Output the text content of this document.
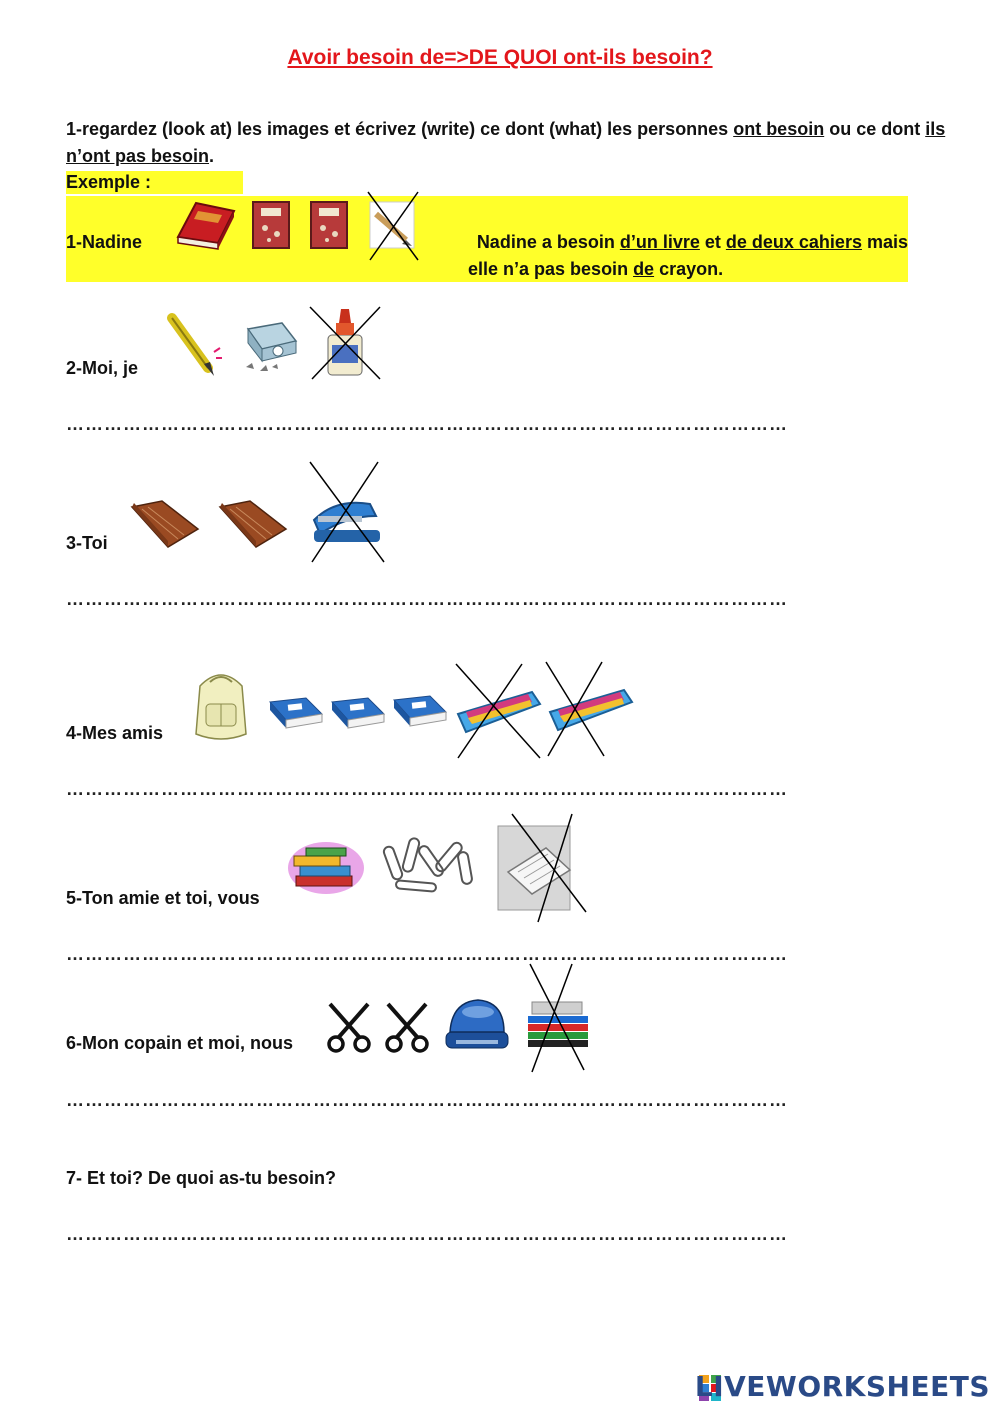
Avoir besoin de=>DE QUOI ont-ils besoin?
1-regardez (look at) les images et écrivez (write) ce dont (what) les personnes ont besoin ou ce dont ils n’ont pas besoin.
Exemple :
1-Nadine	Nadine a besoin d’un livre et de deux cahiers mais
elle n’a pas besoin de crayon.
2-Moi, je
……………………………………………………………………………………………………
3-Toi
……………………………………………………………………………………………………
4-Mes amis
……………………………………………………………………………………………………
5-Ton amie et toi, vous
……………………………………………………………………………………………………
6-Mon copain et moi, nous
……………………………………………………………………………………………………
7- Et toi? De quoi as-tu besoin?
……………………………………………………………………………………………………
LIVEWORKSHEETS
